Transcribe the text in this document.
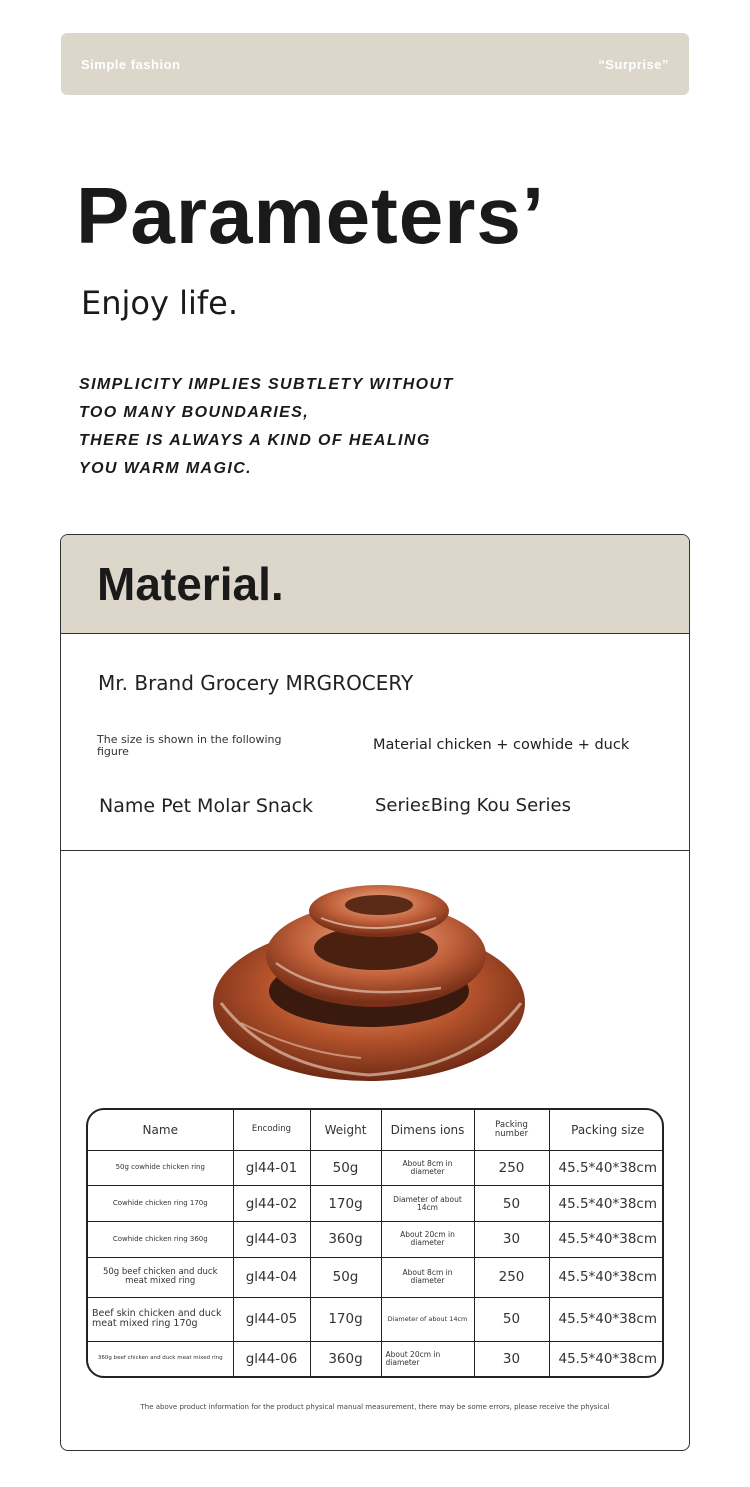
Simple fashion	“Surprise”
Parameters’
Enjoy life.
SIMPLICITY IMPLIES SUBTLETY WITHOUT
TOO MANY BOUNDARIES,
THERE IS ALWAYS A KIND OF HEALING
YOU WARM MAGIC.
Material.
Mr. Brand Grocery MRGROCERY
The size is shown in the following figure	Material chicken + cowhide + duck
Name Pet Molar Snack	SerieεBing Kou Series
Name	Encoding	Weight	Dimens ions	Packing number	Packing size
50g cowhide chicken ring	gl44-01	50g	About 8cm in diameter	250	45.5*40*38cm
Cowhide chicken ring 170g	gl44-02	170g	Diameter of about 14cm	50	45.5*40*38cm
Cowhide chicken ring 360g	gl44-03	360g	About 20cm in diameter	30	45.5*40*38cm
50g beef chicken and duck meat mixed ring	gl44-04	50g	About 8cm in diameter	250	45.5*40*38cm
Beef skin chicken and duck meat mixed ring 170g	gl44-05	170g	Diameter of about 14cm	50	45.5*40*38cm
360g beef chicken and duck meat mixed ring	gl44-06	360g	About 20cm in diameter	30	45.5*40*38cm
The above product information for the product physical manual measurement, there may be some errors, please receive the physical
